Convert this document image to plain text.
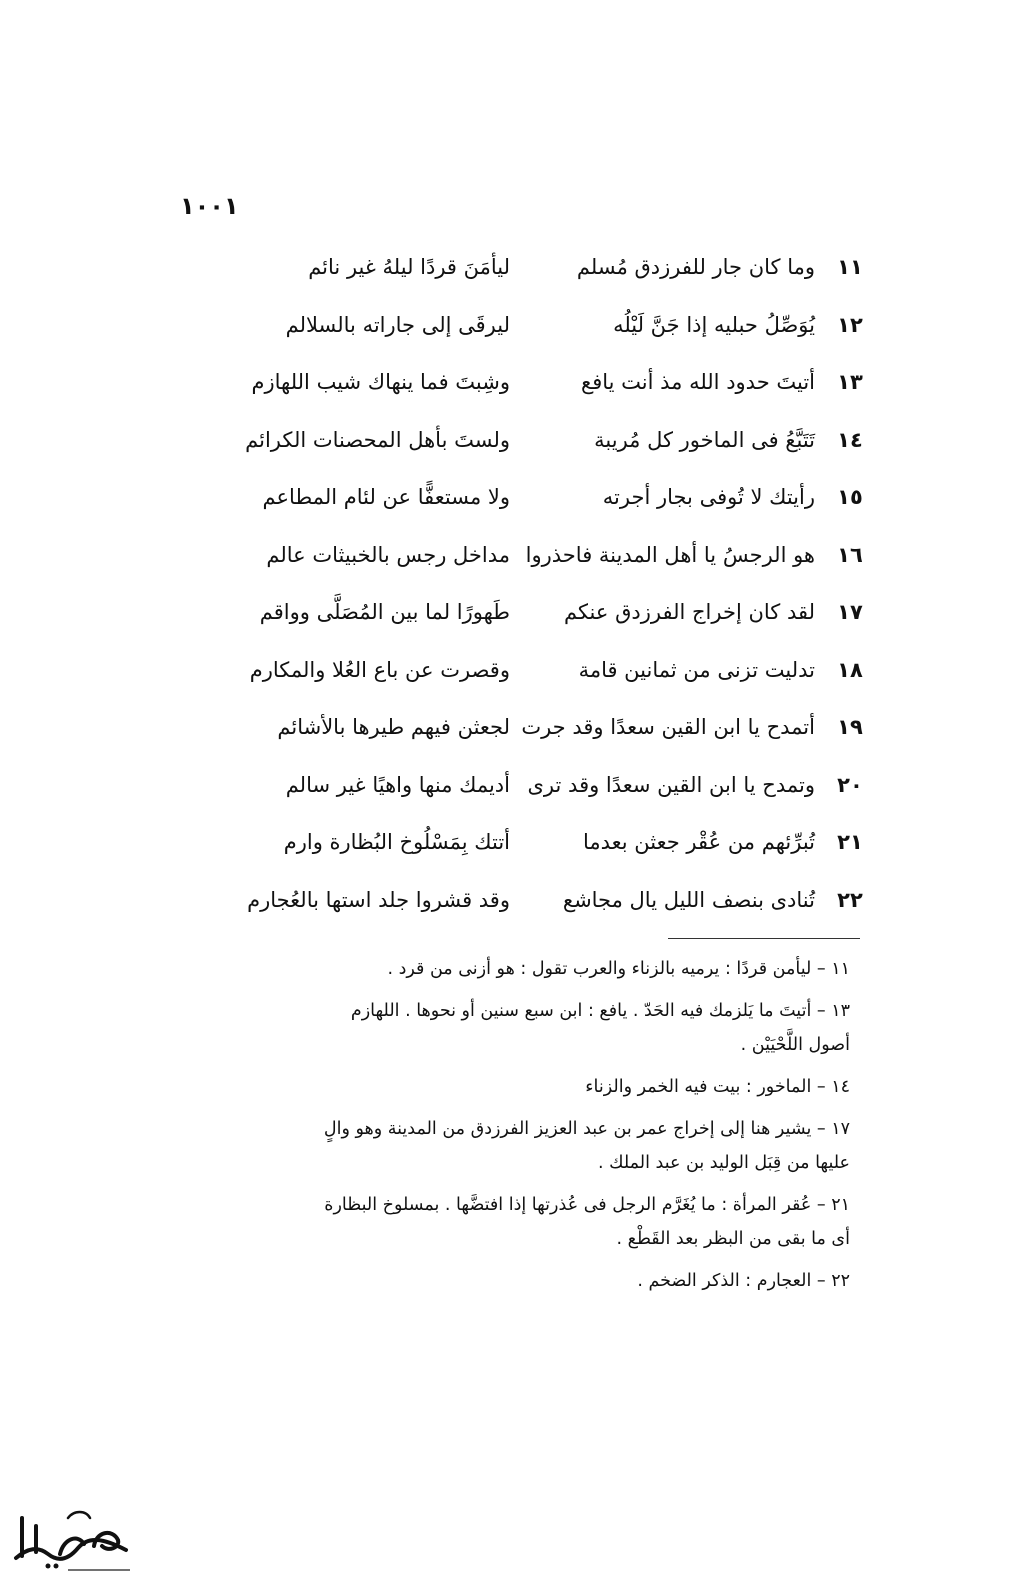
١٠٠١
١١
وما كان جار للفرزدق مُسلم
ليأمَنَ قردًا ليلهُ غير نائم
١٢
يُوَصِّلُ حبليه إذا جَنَّ لَيْلُه
ليرقَى إلى جاراته بالسلالم
١٣
أتيتَ حدود الله مذ أنت يافع
وشِبتَ فما ينهاك شيب اللهازم
١٤
تَتَبَّعُ فى الماخور كل مُريبة
ولستَ بأهل المحصنات الكرائم
١٥
رأيتك لا تُوفى بجار أجرته
ولا مستعفًّا عن لئام المطاعم
١٦
هو الرجسُ يا أهل المدينة فاحذروا
مداخل رجس بالخبيثات عالم
١٧
لقد كان إخراج الفرزدق عنكم
طَهورًا لما بين المُصَلَّى وواقم
١٨
تدليت تزنى من ثمانين قامة
وقصرت عن باع العُلا والمكارم
١٩
أتمدح يا ابن القين سعدًا وقد جرت
لجعثن فيهم طيرها بالأشائم
٢٠
وتمدح يا ابن القين سعدًا وقد ترى
أديمك منها واهيًا غير سالم
٢١
تُبرِّئهم من عُقْر جعثن بعدما
أتتك بِمَسْلُوخ البُظارة وارم
٢٢
تُنادى بنصف الليل يال مجاشع
وقد قشروا جلد استها بالعُجارم

١١ – ليأمن قردًا : يرميه بالزناء والعرب تقول : هو أزنى من قرد .

١٣ – أتيتَ ما يَلزمك فيه الحَدّ . يافع : ابن سبع سنين أو نحوها . اللهازم
أصول اللَّحْيَيْن .

١٤ – الماخور : بيت فيه الخمر والزناء

١٧ – يشير هنا إلى إخراج عمر بن عبد العزيز الفرزدق من المدينة وهو والٍ
عليها من قِبَل الوليد بن عبد الملك .

٢١ – عُقر المرأة : ما يُغَرَّم الرجل فى عُذرتها إذا افتضَّها . بمسلوخ البظارة
أى ما بقى من البظر بعد القَطْع .

٢٢ – العجارم : الذكر الضخم .
